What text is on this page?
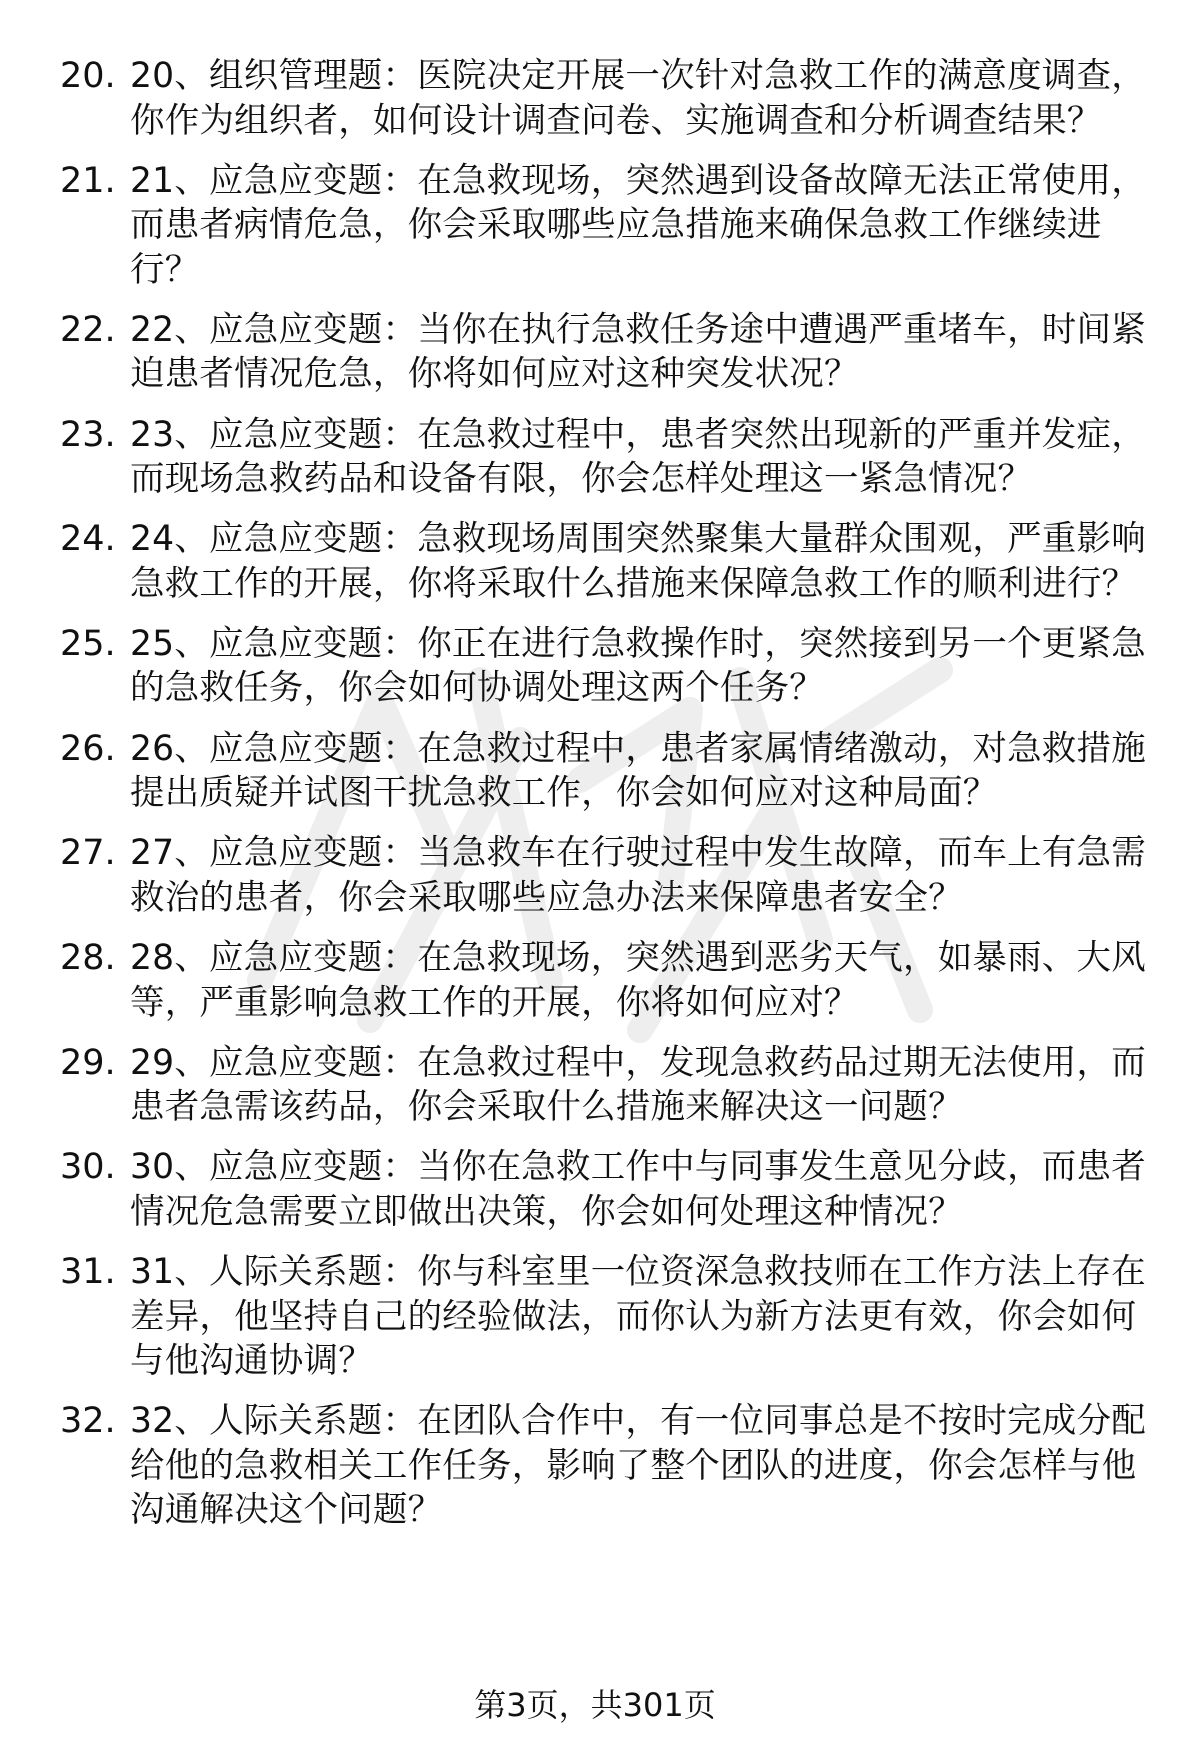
20. 20、组织管理题：医院决定开展一次针对急救工作的满意度调查，你作为组织者，如何设计调查问卷、实施调查和分析调查结果？
21. 21、应急应变题：在急救现场，突然遇到设备故障无法正常使用，而患者病情危急，你会采取哪些应急措施来确保急救工作继续进行？
22. 22、应急应变题：当你在执行急救任务途中遭遇严重堵车，时间紧迫患者情况危急，你将如何应对这种突发状况？
23. 23、应急应变题：在急救过程中，患者突然出现新的严重并发症，而现场急救药品和设备有限，你会怎样处理这一紧急情况？
24. 24、应急应变题：急救现场周围突然聚集大量群众围观，严重影响急救工作的开展，你将采取什么措施来保障急救工作的顺利进行？
25. 25、应急应变题：你正在进行急救操作时，突然接到另一个更紧急的急救任务，你会如何协调处理这两个任务？
26. 26、应急应变题：在急救过程中，患者家属情绪激动，对急救措施提出质疑并试图干扰急救工作，你会如何应对这种局面？
27. 27、应急应变题：当急救车在行驶过程中发生故障，而车上有急需救治的患者，你会采取哪些应急办法来保障患者安全？
28. 28、应急应变题：在急救现场，突然遇到恶劣天气，如暴雨、大风等，严重影响急救工作的开展，你将如何应对？
29. 29、应急应变题：在急救过程中，发现急救药品过期无法使用，而患者急需该药品，你会采取什么措施来解决这一问题？
30. 30、应急应变题：当你在急救工作中与同事发生意见分歧，而患者情况危急需要立即做出决策，你会如何处理这种情况？
31. 31、人际关系题：你与科室里一位资深急救技师在工作方法上存在差异，他坚持自己的经验做法，而你认为新方法更有效，你会如何与他沟通协调？
32. 32、人际关系题：在团队合作中，有一位同事总是不按时完成分配给他的急救相关工作任务，影响了整个团队的进度，你会怎样与他沟通解决这个问题？
第3页，共301页
